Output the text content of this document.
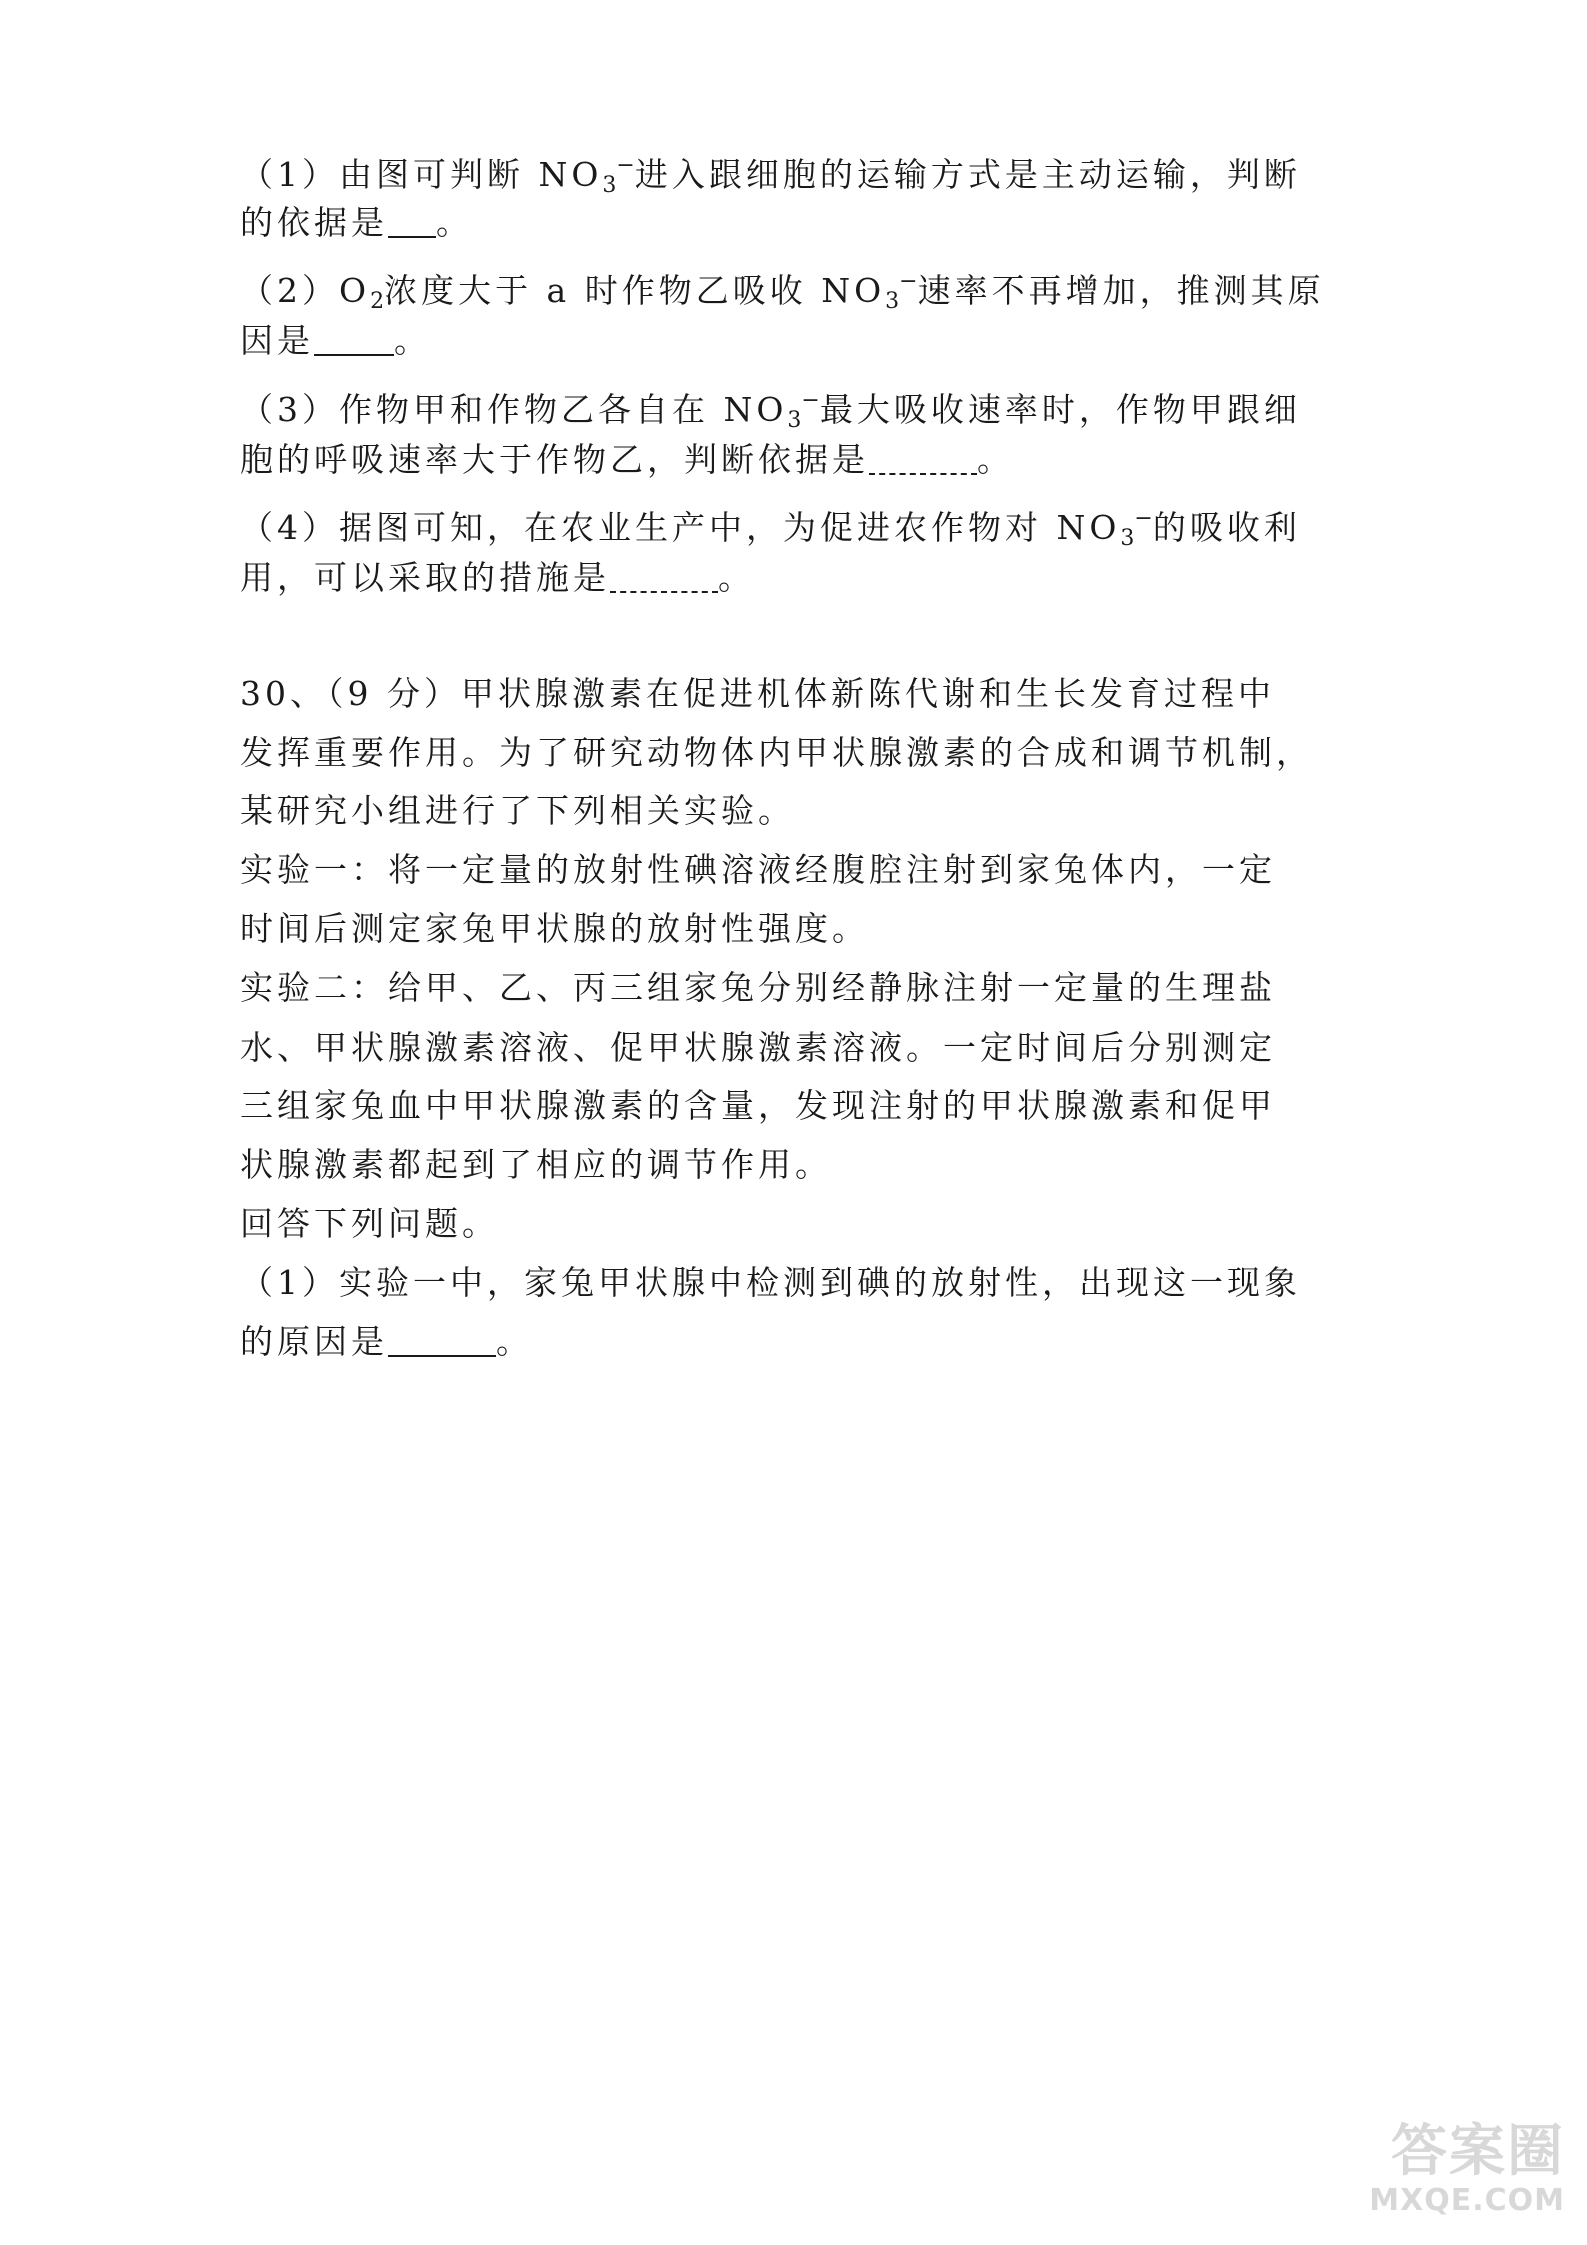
（1）由图可判断 $NO_3^-$进入跟细胞的运输方式是主动运输，判断
的依据是 。
$(2)O_2$浓度大于 a 时作物乙吸收 $NO_3^-$速率不再增加，推测其原
因是 。
（3）作物甲和作物乙各自在 $NO_3^-$最大吸收速率时，作物甲跟细
胞的呼吸速率大于作物乙，判断依据是	。
（4）据图可知，在农业生产中，为促进农作物对 $NO_3^-$的吸收利
用，可以采取的措施是	。
30、（9 分）甲状腺激素在促进机体新陈代谢和生长发育过程中
发挥重要作用。为了研究动物体内甲状腺激素的合成和调节机制，
某研究小组进行了下列相关实验。
实验一：将一定量的放射性碘溶液经腹腔注射到家兔体内，一定
时间后测定家兔甲状腺的放射性强度。
实验二：给甲、乙、丙三组家兔分别经静脉注射一定量的生理盐
水、甲状腺激素溶液、促甲状腺激素溶液。一定时间后分别测定
三组家兔血中甲状腺激素的含量，发现注射的甲状腺激素和促甲
状腺激素都起到了相应的调节作用。
回答下列问题。
（1）实验一中，家兔甲状腺中检测到碘的放射性，出现这一现象
的原因是	。
答案圈
MXQE.COM
